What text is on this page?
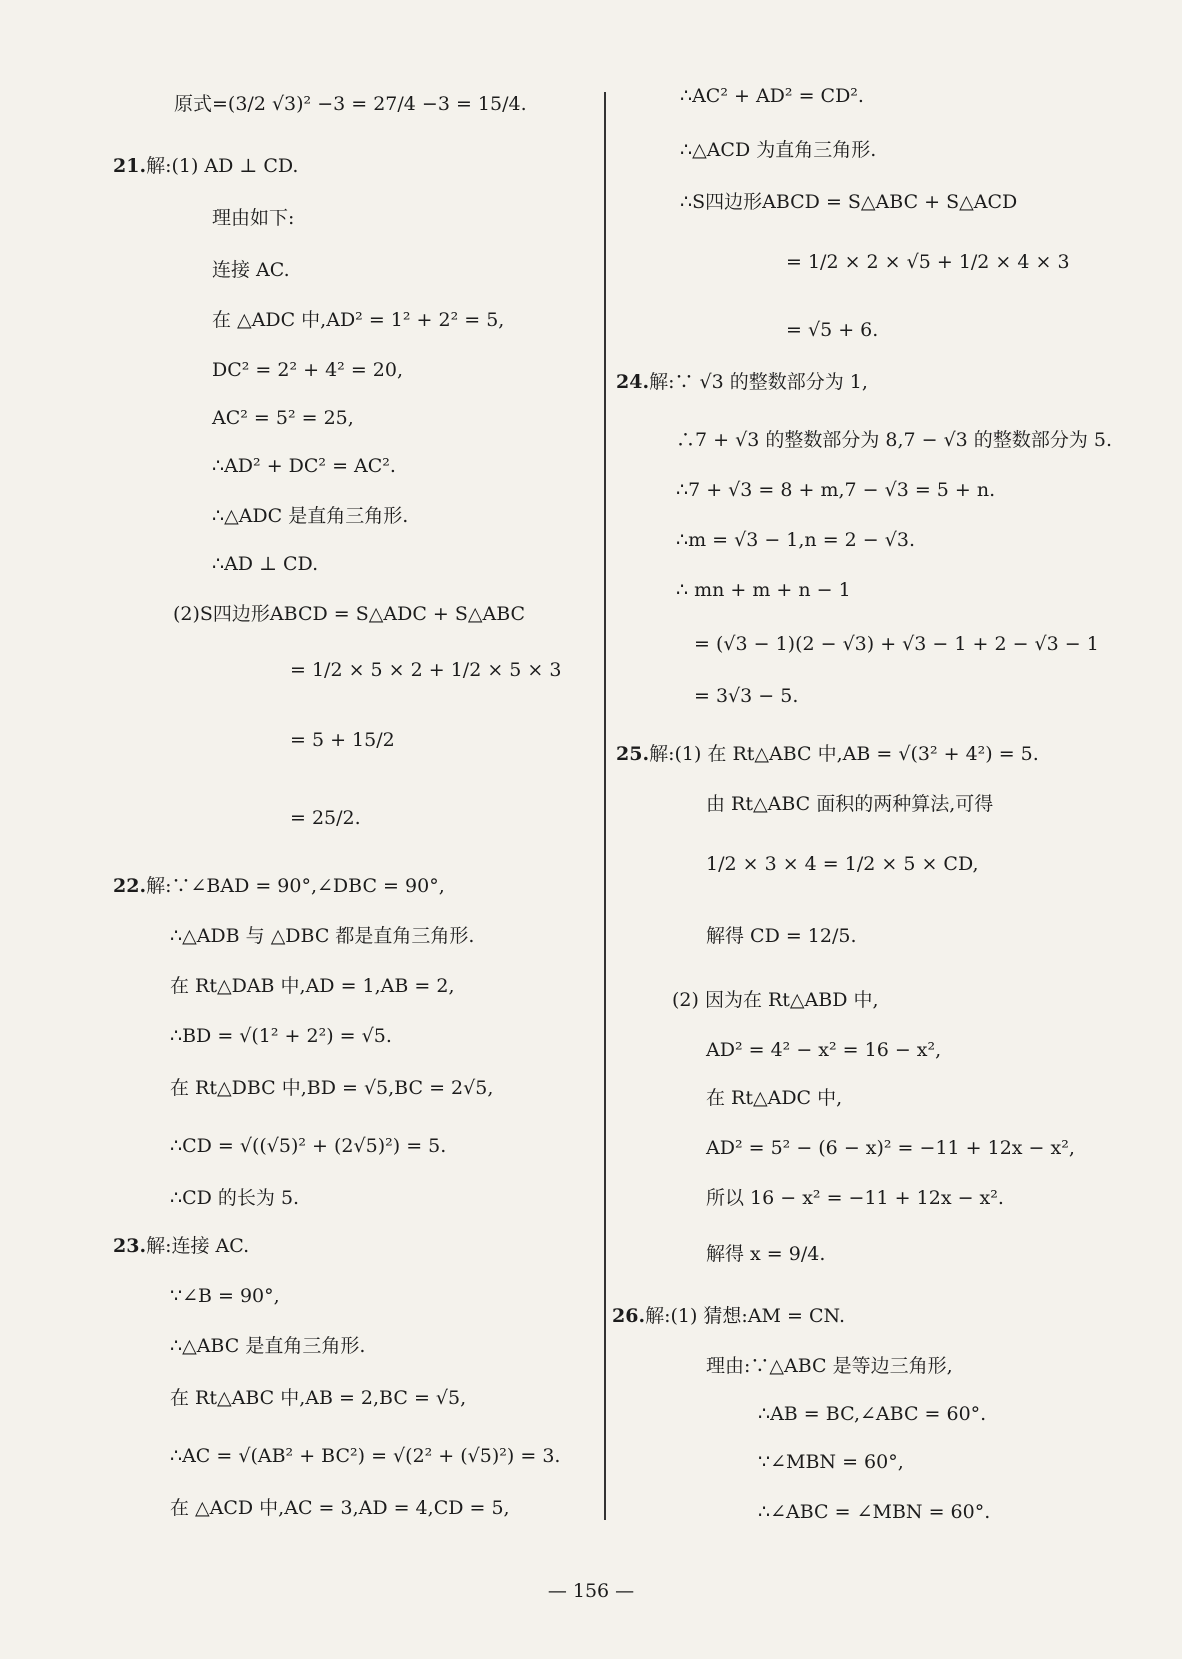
原式=(3/2 √3)² −3 = 27/4 −3 = 15/4.
21.解:(1) AD ⊥ CD.
理由如下:
连接 AC.
在 △ADC 中,AD² = 1² + 2² = 5,
DC² = 2² + 4² = 20,
AC² = 5² = 25,
∴AD² + DC² = AC².
∴△ADC 是直角三角形.
∴AD ⊥ CD.
(2)S四边形ABCD = S△ADC + S△ABC
= 1/2 × 5 × 2 + 1/2 × 5 × 3
= 5 + 15/2
= 25/2.
22.解:∵∠BAD = 90°,∠DBC = 90°,
∴△ADB 与 △DBC 都是直角三角形.
在 Rt△DAB 中,AD = 1,AB = 2,
∴BD = √(1² + 2²) = √5.
在 Rt△DBC 中,BD = √5,BC = 2√5,
∴CD = √((√5)² + (2√5)²) = 5.
∴CD 的长为 5.
23.解:连接 AC.
∵∠B = 90°,
∴△ABC 是直角三角形.
在 Rt△ABC 中,AB = 2,BC = √5,
∴AC = √(AB² + BC²) = √(2² + (√5)²) = 3.
在 △ACD 中,AC = 3,AD = 4,CD = 5,
∴AC² + AD² = CD².
∴△ACD 为直角三角形.
∴S四边形ABCD = S△ABC + S△ACD
= 1/2 × 2 × √5 + 1/2 × 4 × 3
= √5 + 6.
24.解:∵ √3 的整数部分为 1,
∴7 + √3 的整数部分为 8,7 − √3 的整数部分为 5.
∴7 + √3 = 8 + m,7 − √3 = 5 + n.
∴m = √3 − 1,n = 2 − √3.
∴ mn + m + n − 1
= (√3 − 1)(2 − √3) + √3 − 1 + 2 − √3 − 1
= 3√3 − 5.
25.解:(1) 在 Rt△ABC 中,AB = √(3² + 4²) = 5.
由 Rt△ABC 面积的两种算法,可得
1/2 × 3 × 4 = 1/2 × 5 × CD,
解得 CD = 12/5.
(2) 因为在 Rt△ABD 中,
AD² = 4² − x² = 16 − x²,
在 Rt△ADC 中,
AD² = 5² − (6 − x)² = −11 + 12x − x²,
所以 16 − x² = −11 + 12x − x².
解得 x = 9/4.
26.解:(1) 猜想:AM = CN.
理由:∵△ABC 是等边三角形,
∴AB = BC,∠ABC = 60°.
∵∠MBN = 60°,
∴∠ABC = ∠MBN = 60°.
— 156 —
